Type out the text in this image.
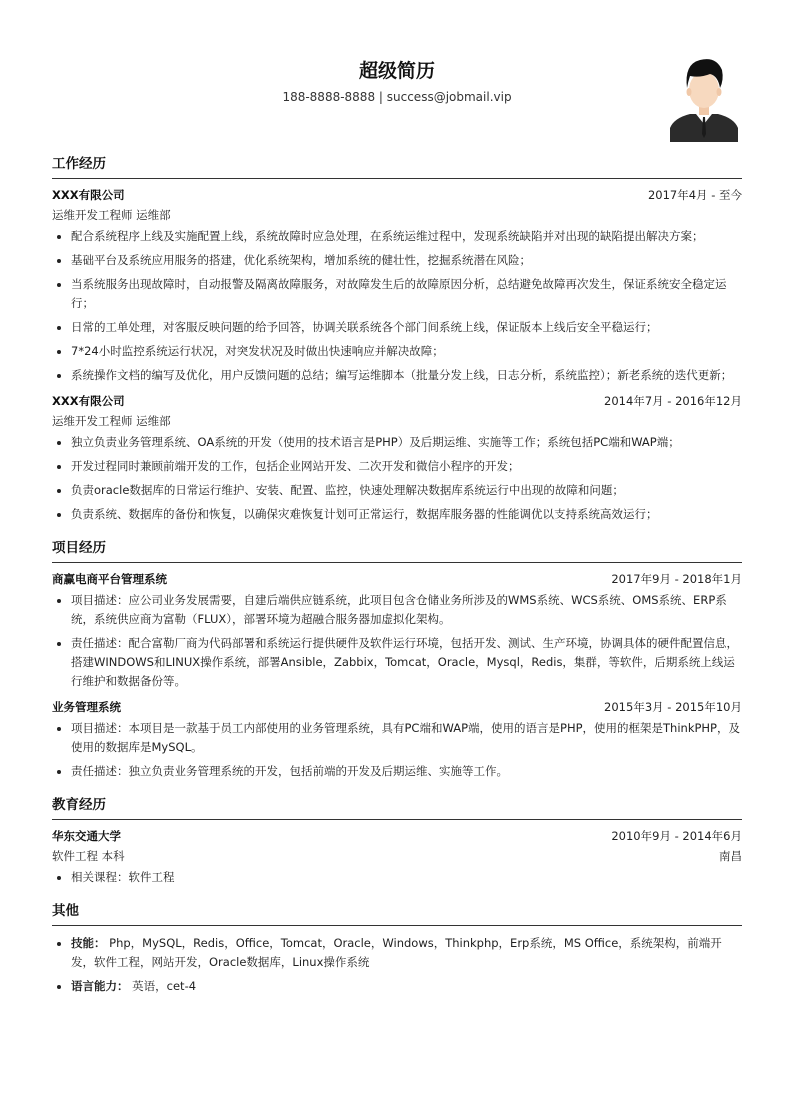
超级简历
188-8888-8888 | success@jobmail.vip
工作经历
XXX有限公司	2017年4月 - 至今
运维开发工程师 运维部
配合系统程序上线及实施配置上线，系统故障时应急处理，在系统运维过程中，发现系统缺陷并对出现的缺陷提出解决方案；
基础平台及系统应用服务的搭建，优化系统架构，增加系统的健壮性，挖掘系统潜在风险；
当系统服务出现故障时，自动报警及隔离故障服务，对故障发生后的故障原因分析，总结避免故障再次发生，保证系统安全稳定运行；
日常的工单处理，对客服反映问题的给予回答，协调关联系统各个部门间系统上线，保证版本上线后安全平稳运行；
7*24小时监控系统运行状况，对突发状况及时做出快速响应并解决故障；
系统操作文档的编写及优化，用户反馈问题的总结；编写运维脚本（批量分发上线，日志分析，系统监控）；新老系统的迭代更新；
XXX有限公司	2014年7月 - 2016年12月
运维开发工程师 运维部
独立负责业务管理系统、OA系统的开发（使用的技术语言是PHP）及后期运维、实施等工作；系统包括PC端和WAP端；
开发过程同时兼顾前端开发的工作，包括企业网站开发、二次开发和微信小程序的开发；
负责oracle数据库的日常运行维护、安装、配置、监控，快速处理解决数据库系统运行中出现的故障和问题；
负责系统、数据库的备份和恢复，以确保灾难恢复计划可正常运行，数据库服务器的性能调优以支持系统高效运行；
项目经历
商赢电商平台管理系统	2017年9月 - 2018年1月
项目描述：应公司业务发展需要，自建后端供应链系统，此项目包含仓储业务所涉及的WMS系统、WCS系统、OMS系统、ERP系统，系统供应商为富勒（FLUX），部署环境为超融合服务器加虚拟化架构。
责任描述：配合富勒厂商为代码部署和系统运行提供硬件及软件运行环境，包括开发、测试、生产环境，协调具体的硬件配置信息，搭建WINDOWS和LINUX操作系统，部署Ansible，Zabbix，Tomcat，Oracle，Mysql，Redis，集群，等软件，后期系统上线运行维护和数据备份等。
业务管理系统	2015年3月 - 2015年10月
项目描述：本项目是一款基于员工内部使用的业务管理系统，具有PC端和WAP端，使用的语言是PHP，使用的框架是ThinkPHP，及使用的数据库是MySQL。
责任描述：独立负责业务管理系统的开发，包括前端的开发及后期运维、实施等工作。
教育经历
华东交通大学	2010年9月 - 2014年6月
软件工程 本科	南昌
相关课程：软件工程
其他
技能： Php，MySQL，Redis，Office，Tomcat，Oracle，Windows，Thinkphp，Erp系统，MS Office，系统架构，前端开发，软件工程，网站开发，Oracle数据库，Linux操作系统
语言能力： 英语，cet-4
